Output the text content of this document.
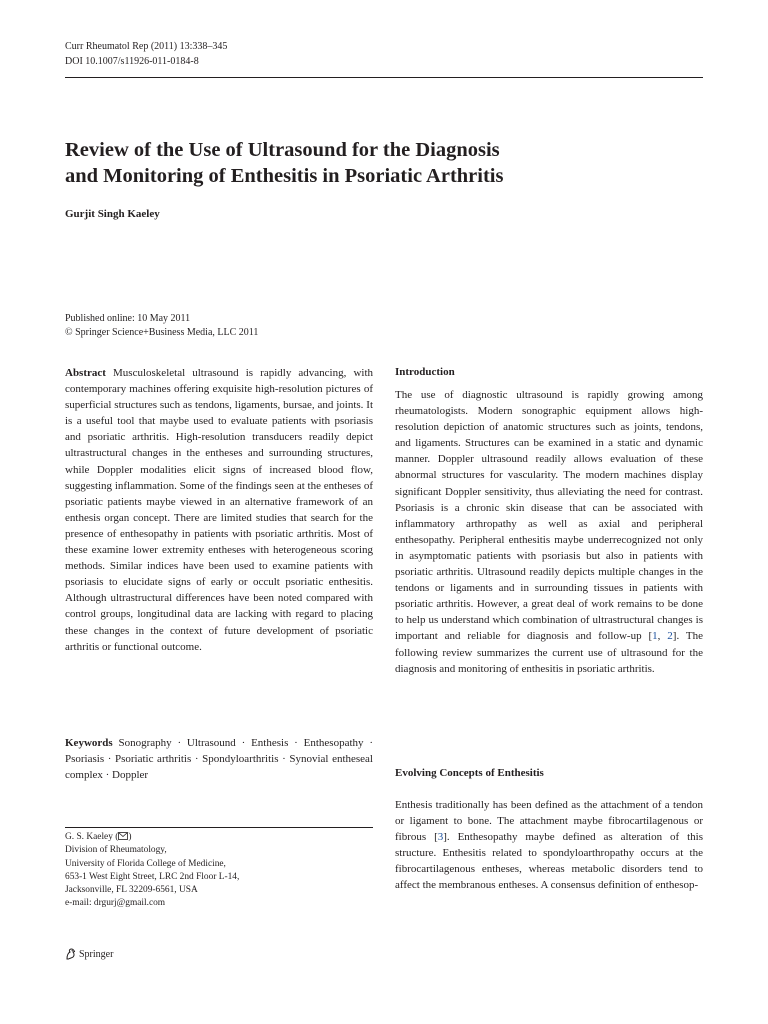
Curr Rheumatol Rep (2011) 13:338–345
DOI 10.1007/s11926-011-0184-8
Review of the Use of Ultrasound for the Diagnosis
and Monitoring of Enthesitis in Psoriatic Arthritis
Gurjit Singh Kaeley
Published online: 10 May 2011
© Springer Science+Business Media, LLC 2011

Abstract Musculoskeletal ultrasound is rapidly advancing, with contemporary machines offering exquisite high-resolution pictures of superficial structures such as tendons, ligaments, bursae, and joints. It is a useful tool that maybe used to evaluate patients with psoriasis and psoriatic arthritis. High-resolution transducers readily depict ultrastructural changes in the entheses and surrounding structures, while Doppler modalities elicit signs of increased blood flow, suggesting inflammation. Some of the findings seen at the entheses of psoriatic patients maybe viewed in an alternative framework of an enthesis organ concept. There are limited studies that search for the presence of enthesopathy in patients with psoriatic arthritis. Most of these examine lower extremity entheses with heterogeneous scoring methods. Similar indices have been used to examine patients with psoriasis to elucidate signs of early or occult psoriatic enthesitis. Although ultrastructural differences have been noted compared with control groups, longitudinal data are lacking with regard to placing these changes in the context of future development of psoriatic arthritis or functional outcome.

Keywords Sonography · Ultrasound · Enthesis · Enthesopathy · Psoriasis · Psoriatic arthritis · Spondyloarthritis · Synovial entheseal complex · Doppler

G. S. Kaeley ( )
Division of Rheumatology,
University of Florida College of Medicine,
653-1 West Eight Street, LRC 2nd Floor L-14,
Jacksonville, FL 32209-6561, USA
e-mail: drgurj@gmail.com
Springer
Introduction

The use of diagnostic ultrasound is rapidly growing among rheumatologists. Modern sonographic equipment allows high-resolution depiction of anatomic structures such as joints, tendons, and ligaments. Structures can be examined in a static and dynamic manner. Doppler ultrasound readily allows evaluation of these abnormal structures for vascularity. The modern machines display significant Doppler sensitivity, thus alleviating the need for contrast. Psoriasis is a chronic skin disease that can be associated with inflammatory arthropathy as well as axial and peripheral enthesopathy. Peripheral enthesitis maybe underrecognized not only in asymptomatic patients with psoriasis but also in patients with psoriatic arthritis. Ultrasound readily depicts multiple changes in the tendons or ligaments and in surrounding tissues in patients with psoriatic arthritis. However, a great deal of work remains to be done to help us understand which combination of ultrastructural changes is important and reliable for diagnosis and follow-up [1, 2]. The following review summarizes the current use of ultrasound for the diagnosis and monitoring of enthesitis in psoriatic arthritis.

Evolving Concepts of Enthesitis

Enthesis traditionally has been defined as the attachment of a tendon or ligament to bone. The attachment maybe fibrocartilagenous or fibrous [3]. Enthesopathy maybe defined as alteration of this structure. Enthesitis related to spondyloarthropathy occurs at the fibrocartilagenous entheses, whereas metabolic disorders tend to affect the membranous entheses. A consensus definition of enthesop-
